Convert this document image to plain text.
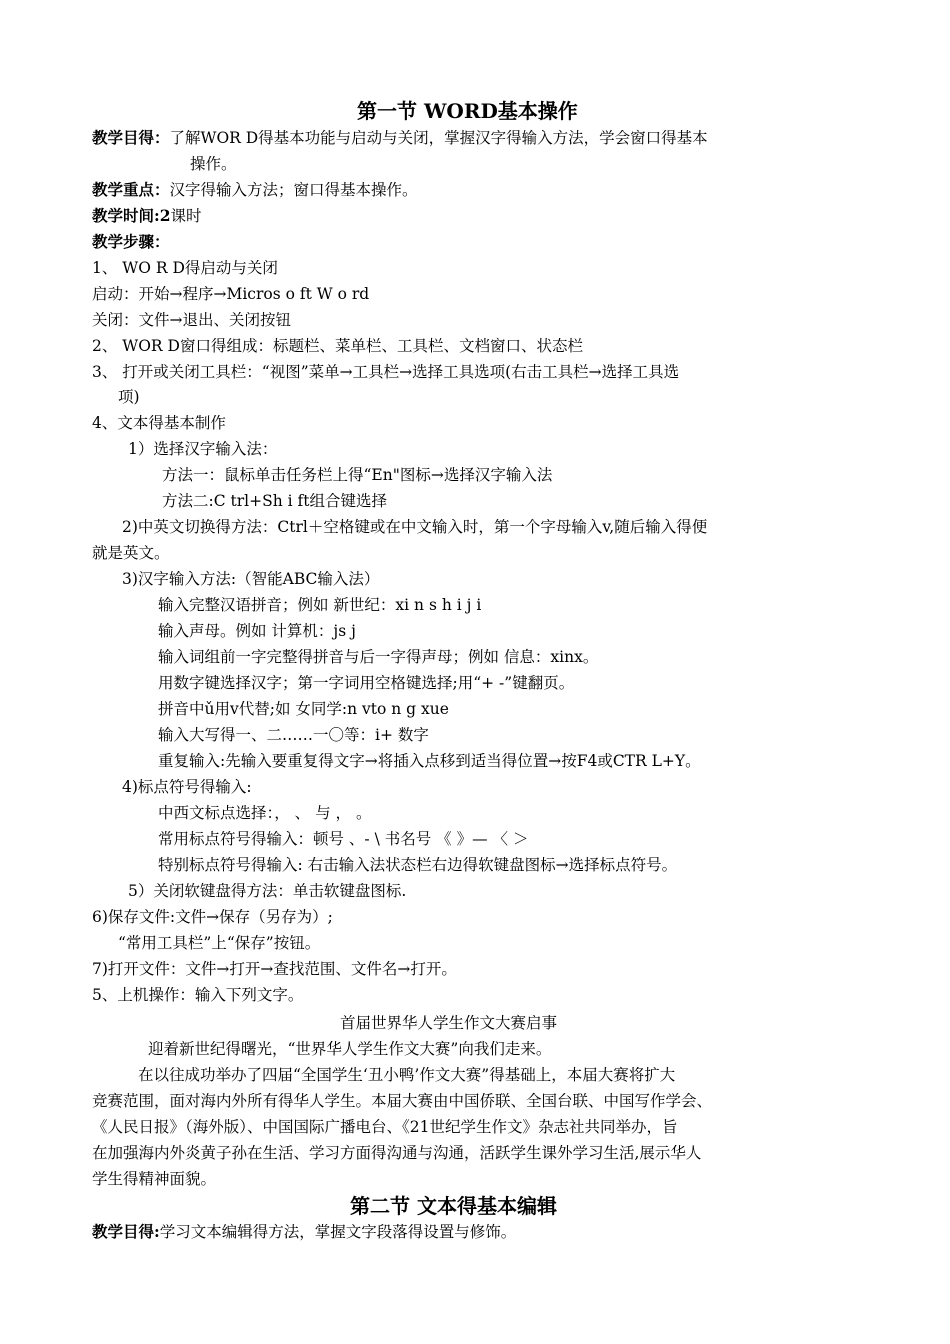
第一节 WORD基本操作
教学目得：了解WOR D得基本功能与启动与关闭，掌握汉字得输入方法，学会窗口得基本
操作。
教学重点：汉字得输入方法；窗口得基本操作。
教学时间:2课时
教学步骤：
1、 WO R D得启动与关闭
启动：开始→程序→Micros o ft W o rd
关闭：文件→退出、关闭按钮
2、 WOR D窗口得组成：标题栏、菜单栏、工具栏、文档窗口、状态栏
3、 打开或关闭工具栏：“视图”菜单→工具栏→选择工具选项(右击工具栏→选择工具选
项)
4、文本得基本制作
1）选择汉字输入法：
方法一：鼠标单击任务栏上得“En"图标→选择汉字输入法
方法二:C trl+Sh i ft组合键选择
2)中英文切换得方法：Ctrl＋空格键或在中文输入时，第一个字母输入v,随后输入得便
就是英文。
3)汉字输入方法:（智能ABC输入法）
输入完整汉语拼音；例如 新世纪：xi n s h i j i
输入声母。例如 计算机：js j
输入词组前一字完整得拼音与后一字得声母；例如 信息：xinx。
用数字键选择汉字；第一字词用空格键选择;用“+ -”键翻页。
拼音中ǔ用v代替;如 女同学:n vto n g xue
输入大写得一、二……一〇等：i+ 数字
重复输入:先输入要重复得文字→将插入点移到适当得位置→按F4或CTR L+Y。
4)标点符号得输入:
中西文标点选择：， 、 与 ， 。
常用标点符号得输入：顿号 、- \ 书名号 《 》— 〈 ＞
特别标点符号得输入: 右击输入法状态栏右边得软键盘图标→选择标点符号。
5）关闭软键盘得方法：单击软键盘图标.
6)保存文件:文件→保存（另存为）;
“常用工具栏”上“保存”按钮。
7)打开文件：文件→打开→查找范围、文件名→打开。
5、上机操作：输入下列文字。
首届世界华人学生作文大赛启事
迎着新世纪得曙光，“世界华人学生作文大赛”向我们走来。
在以往成功举办了四届“全国学生‘丑小鸭’作文大赛”得基础上，本届大赛将扩大
竞赛范围，面对海内外所有得华人学生。本届大赛由中国侨联、全国台联、中国写作学会、
《人民日报》（海外版）、中国国际广播电台、《21世纪学生作文》杂志社共同举办，旨
在加强海内外炎黄子孙在生活、学习方面得沟通与沟通，活跃学生课外学习生活,展示华人
学生得精神面貌。
第二节 文本得基本编辑
教学目得:学习文本编辑得方法，掌握文字段落得设置与修饰。
